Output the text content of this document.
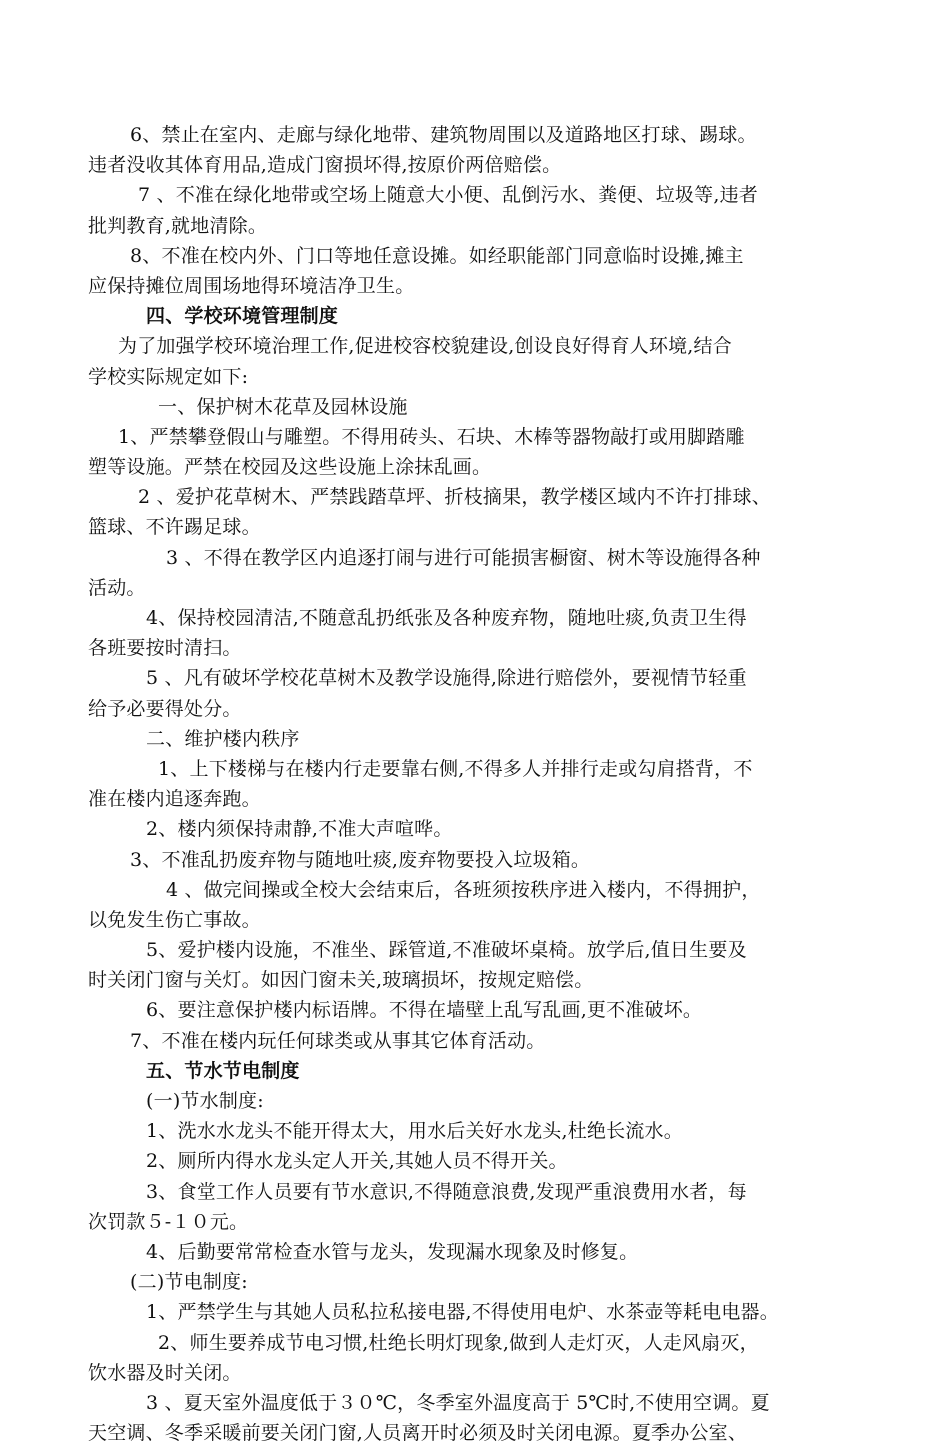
6、禁止在室内、走廊与绿化地带、建筑物周围以及道路地区打球、踢球。
违者没收其体育用品,造成门窗损坏得,按原价两倍赔偿。
7 、不准在绿化地带或空场上随意大小便、乱倒污水、粪便、垃圾等,违者
批判教育,就地清除。
8、不准在校内外、门口等地任意设摊。如经职能部门同意临时设摊,摊主
应保持摊位周围场地得环境洁净卫生。
四、学校环境管理制度
为了加强学校环境治理工作,促进校容校貌建设,创设良好得育人环境,结合
学校实际规定如下:
一、保护树木花草及园林设施
1、严禁攀登假山与雕塑。不得用砖头、石块、木棒等器物敲打或用脚踏雕
塑等设施。严禁在校园及这些设施上涂抹乱画。
2 、爱护花草树木、严禁践踏草坪、折枝摘果，教学楼区域内不许打排球、
篮球、不许踢足球。
3 、不得在教学区内追逐打闹与进行可能损害橱窗、树木等设施得各种
活动。
4、保持校园清洁,不随意乱扔纸张及各种废弃物，随地吐痰,负责卫生得
各班要按时清扫。
5 、凡有破坏学校花草树木及教学设施得,除进行赔偿外，要视情节轻重
给予必要得处分。
二、维护楼内秩序
1、上下楼梯与在楼内行走要靠右侧,不得多人并排行走或勾肩搭背，不
准在楼内追逐奔跑。
2、楼内须保持肃静,不准大声喧哗。
3、不准乱扔废弃物与随地吐痰,废弃物要投入垃圾箱。
4 、做完间操或全校大会结束后，各班须按秩序进入楼内，不得拥护，
以免发生伤亡事故。
5、爱护楼内设施，不准坐、踩管道,不准破坏桌椅。放学后,值日生要及
时关闭门窗与关灯。如因门窗未关,玻璃损坏，按规定赔偿。
6、要注意保护楼内标语牌。不得在墙壁上乱写乱画,更不准破坏。
7、不准在楼内玩任何球类或从事其它体育活动。
五、节水节电制度
(一)节水制度:
1、洗水水龙头不能开得太大，用水后关好水龙头,杜绝长流水。
2、厕所内得水龙头定人开关,其她人员不得开关。
3、食堂工作人员要有节水意识,不得随意浪费,发现严重浪费用水者，每
次罚款５-１０元。
4、后勤要常常检查水管与龙头，发现漏水现象及时修复。
(二)节电制度:
1、严禁学生与其她人员私拉私接电器,不得使用电炉、水茶壶等耗电电器。
2、师生要养成节电习惯,杜绝长明灯现象,做到人走灯灭，人走风扇灭，
饮水器及时关闭。
3 、夏天室外温度低于３０℃，冬季室外温度高于 5℃时,不使用空调。夏
天空调、冬季采暖前要关闭门窗,人员离开时必须及时关闭电源。夏季办公室、
